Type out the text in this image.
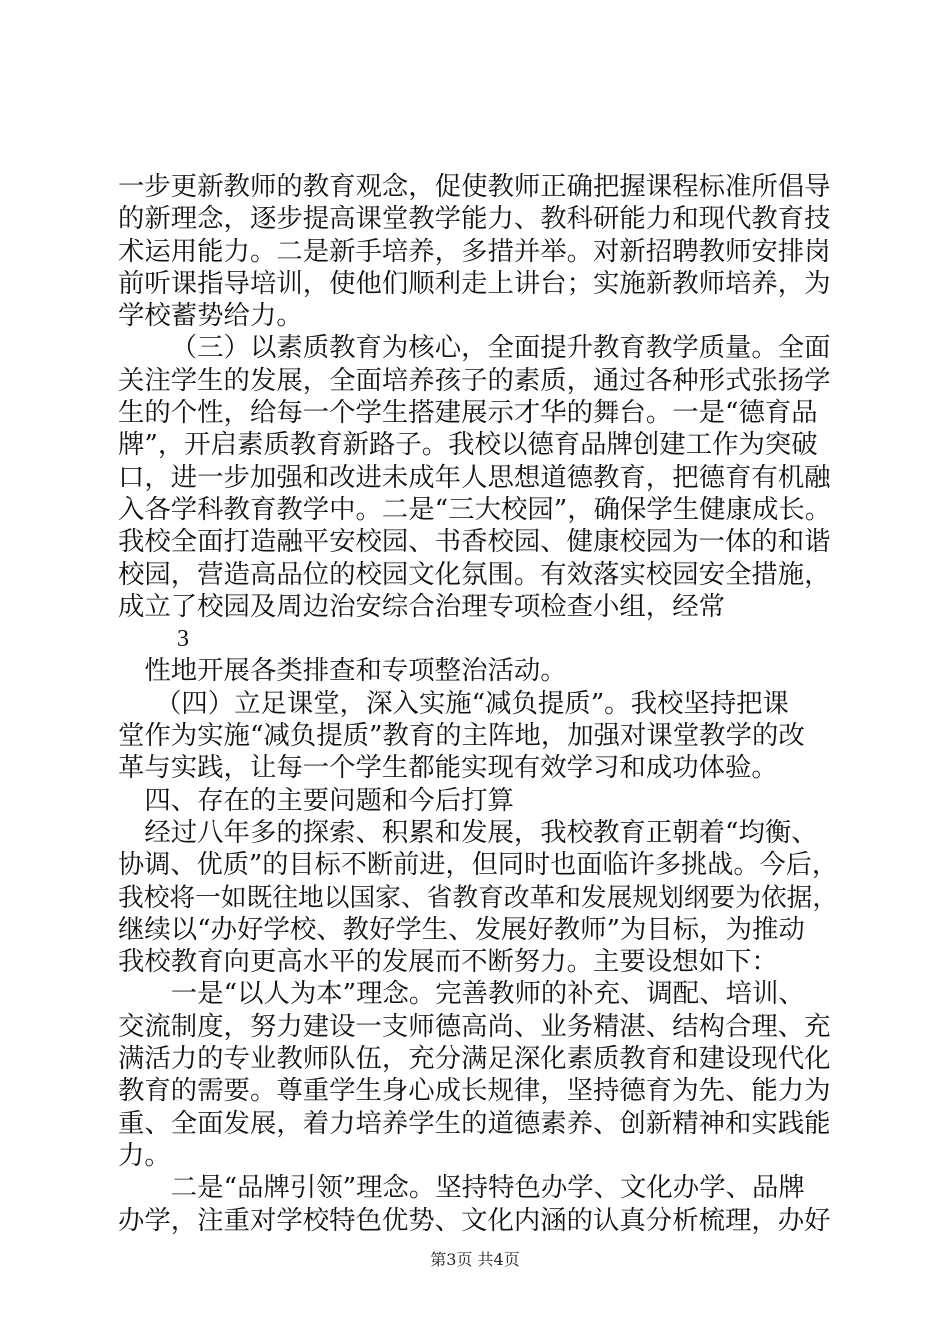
一步更新教师的教育观念，促使教师正确把握课程标准所倡导
的新理念，逐步提高课堂教学能力、教科研能力和现代教育技
术运用能力。二是新手培养，多措并举。对新招聘教师安排岗
前听课指导培训，使他们顺利走上讲台；实施新教师培养，为
学校蓄势给力。
（三）以素质教育为核心，全面提升教育教学质量。全面
关注学生的发展，全面培养孩子的素质，通过各种形式张扬学
生的个性，给每一个学生搭建展示才华的舞台。一是“德育品
牌”，开启素质教育新路子。我校以德育品牌创建工作为突破
口，进一步加强和改进未成年人思想道德教育，把德育有机融
入各学科教育教学中。二是“三大校园”，确保学生健康成长。
我校全面打造融平安校园、书香校园、健康校园为一体的和谐
校园，营造高品位的校园文化氛围。有效落实校园安全措施，
成立了校园及周边治安综合治理专项检查小组，经常
3
性地开展各类排查和专项整治活动。
（四）立足课堂，深入实施“减负提质”。我校坚持把课
堂作为实施“减负提质”教育的主阵地，加强对课堂教学的改
革与实践，让每一个学生都能实现有效学习和成功体验。
四、存在的主要问题和今后打算
经过八年多的探索、积累和发展，我校教育正朝着“均衡、
协调、优质”的目标不断前进，但同时也面临许多挑战。今后，
我校将一如既往地以国家、省教育改革和发展规划纲要为依据，
继续以“办好学校、教好学生、发展好教师”为目标，为推动
我校教育向更高水平的发展而不断努力。主要设想如下：
一是“以人为本”理念。完善教师的补充、调配、培训、
交流制度，努力建设一支师德高尚、业务精湛、结构合理、充
满活力的专业教师队伍，充分满足深化素质教育和建设现代化
教育的需要。尊重学生身心成长规律，坚持德育为先、能力为
重、全面发展，着力培养学生的道德素养、创新精神和实践能
力。
二是“品牌引领”理念。坚持特色办学、文化办学、品牌
办学，注重对学校特色优势、文化内涵的认真分析梳理，办好
第3页 共4页
